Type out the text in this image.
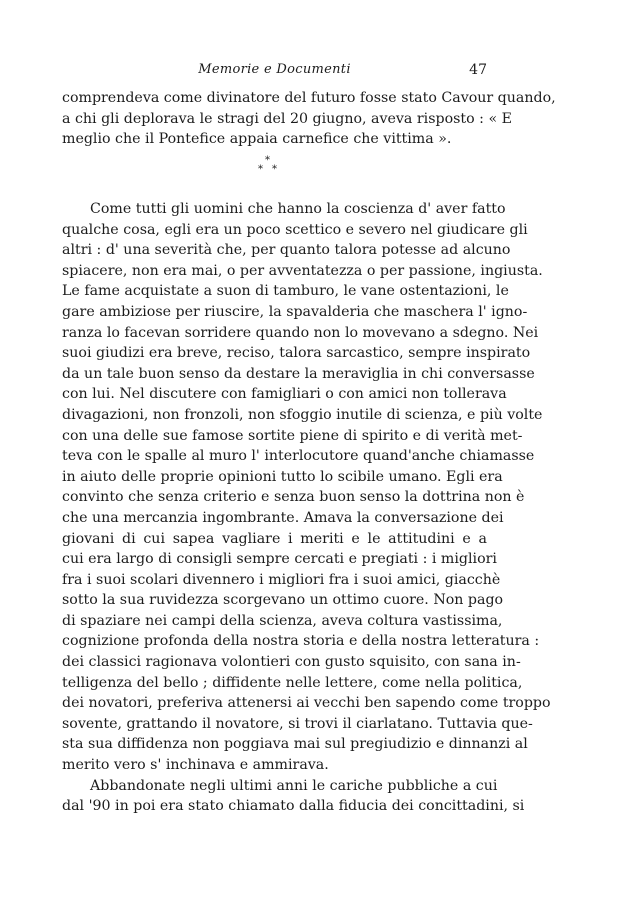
Memorie e Documenti	47
comprendeva come divinatore del futuro fosse stato Cavour quando,
a chi gli deplorava le stragi del 20 giugno, aveva risposto : « E
meglio che il Pontefice appaia carnefice che vittima ».
*
* *
Come tutti gli uomini che hanno la coscienza d' aver fatto
qualche cosa, egli era un poco scettico e severo nel giudicare gli
altri : d' una severità che, per quanto talora potesse ad alcuno
spiacere, non era mai, o per avventatezza o per passione, ingiusta.
Le fame acquistate a suon di tamburo, le vane ostentazioni, le
gare ambiziose per riuscire, la spavalderia che maschera l' igno-
ranza lo facevan sorridere quando non lo movevano a sdegno. Nei
suoi giudizi era breve, reciso, talora sarcastico, sempre inspirato
da un tale buon senso da destare la meraviglia in chi conversasse
con lui. Nel discutere con famigliari o con amici non tollerava
divagazioni, non fronzoli, non sfoggio inutile di scienza, e più volte
con una delle sue famose sortite piene di spirito e di verità met-
teva con le spalle al muro l' interlocutore quand'anche chiamasse
in aiuto delle proprie opinioni tutto lo scibile umano. Egli era
convinto che senza criterio e senza buon senso la dottrina non è
che una mercanzia ingombrante. Amava la conversazione dei
giovani di cui sapea vagliare i meriti e le attitudini e a
cui era largo di consigli sempre cercati e pregiati : i migliori
fra i suoi scolari divennero i migliori fra i suoi amici, giacchè
sotto la sua ruvidezza scorgevano un ottimo cuore. Non pago
di spaziare nei campi della scienza, aveva coltura vastissima,
cognizione profonda della nostra storia e della nostra letteratura :
dei classici ragionava volontieri con gusto squisito, con sana in-
telligenza del bello ; diffidente nelle lettere, come nella politica,
dei novatori, preferiva attenersi ai vecchi ben sapendo come troppo
sovente, grattando il novatore, si trovi il ciarlatano. Tuttavia que-
sta sua diffidenza non poggiava mai sul pregiudizio e dinnanzi al
merito vero s' inchinava e ammirava.
Abbandonate negli ultimi anni le cariche pubbliche a cui
dal '90 in poi era stato chiamato dalla fiducia dei concittadini, si
